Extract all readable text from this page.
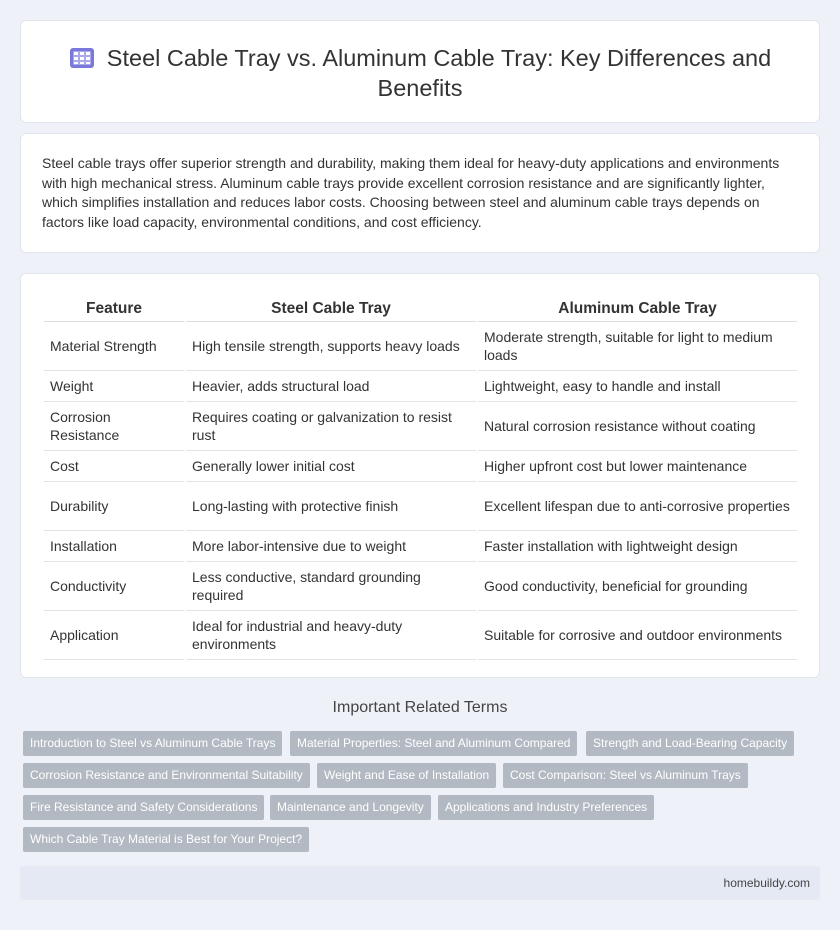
Steel Cable Tray vs. Aluminum Cable Tray: Key Differences and Benefits

Steel cable trays offer superior strength and durability, making them ideal for heavy-duty applications and environments with high mechanical stress. Aluminum cable trays provide excellent corrosion resistance and are significantly lighter, which simplifies installation and reduces labor costs. Choosing between steel and aluminum cable trays depends on factors like load capacity, environmental conditions, and cost efficiency.

Feature	Steel Cable Tray	Aluminum Cable Tray
Material Strength	High tensile strength, supports heavy loads	Moderate strength, suitable for light to medium loads
Weight	Heavier, adds structural load	Lightweight, easy to handle and install
Corrosion Resistance	Requires coating or galvanization to resist rust	Natural corrosion resistance without coating
Cost	Generally lower initial cost	Higher upfront cost but lower maintenance
Durability	Long-lasting with protective finish	Excellent lifespan due to anti-corrosive properties
Installation	More labor-intensive due to weight	Faster installation with lightweight design
Conductivity	Less conductive, standard grounding required	Good conductivity, beneficial for grounding
Application	Ideal for industrial and heavy-duty environments	Suitable for corrosive and outdoor environments
Important Related Terms
Introduction to Steel vs Aluminum Cable Trays	Material Properties: Steel and Aluminum Compared	Strength and Load-Bearing Capacity
Corrosion Resistance and Environmental Suitability	Weight and Ease of Installation	Cost Comparison: Steel vs Aluminum Trays
Fire Resistance and Safety Considerations	Maintenance and Longevity	Applications and Industry Preferences
Which Cable Tray Material is Best for Your Project?
homebuildy.com
